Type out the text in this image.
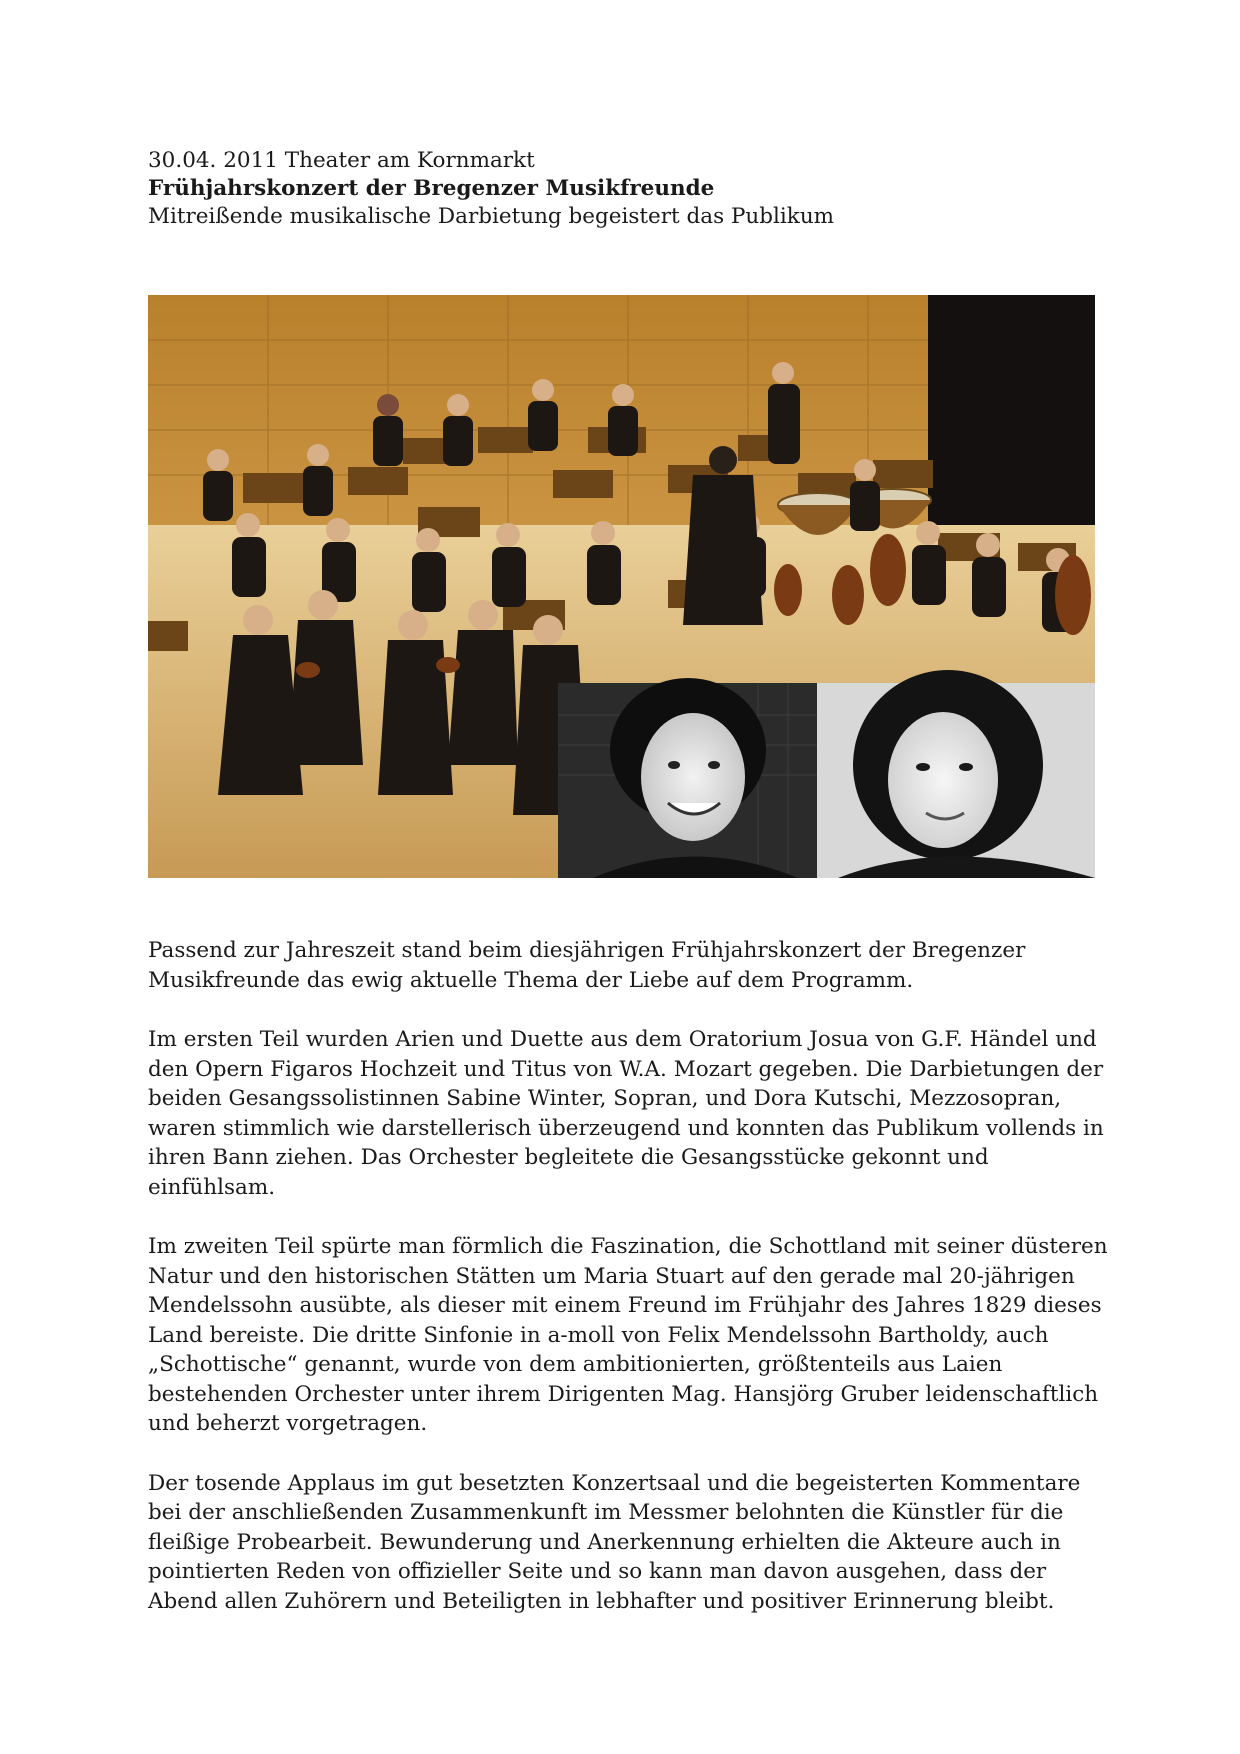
30.04. 2011 Theater am Kornmarkt

Frühjahrskonzert der Bregenzer Musikfreunde

Mitreißende musikalische Darbietung begeistert das Publikum

Passend zur Jahreszeit stand beim diesjährigen Frühjahrskonzert der Bregenzer Musikfreunde das ewig aktuelle Thema der Liebe auf dem Programm.

Im ersten Teil wurden Arien und Duette aus dem Oratorium Josua von G.F. Händel und den Opern Figaros Hochzeit und Titus von W.A. Mozart gegeben. Die Darbietungen der beiden Gesangssolistinnen Sabine Winter, Sopran, und Dora Kutschi, Mezzosopran, waren stimmlich wie darstellerisch überzeugend und konnten das Publikum vollends in ihren Bann ziehen. Das Orchester begleitete die Gesangsstücke gekonnt und einfühlsam.

Im zweiten Teil spürte man förmlich die Faszination, die Schottland mit seiner düsteren Natur und den historischen Stätten um Maria Stuart auf den gerade mal 20-jährigen Mendelssohn ausübte, als dieser mit einem Freund im Frühjahr des Jahres 1829 dieses Land bereiste. Die dritte Sinfonie in a-moll von Felix Mendelssohn Bartholdy, auch „Schottische“ genannt, wurde von dem ambitionierten, größtenteils aus Laien bestehenden Orchester unter ihrem Dirigenten Mag. Hansjörg Gruber leidenschaftlich und beherzt vorgetragen.

Der tosende Applaus im gut besetzten Konzertsaal und die begeisterten Kommentare bei der anschließenden Zusammenkunft im Messmer belohnten die Künstler für die fleißige Probearbeit. Bewunderung und Anerkennung erhielten die Akteure auch in pointierten Reden von offizieller Seite und so kann man davon ausgehen, dass der Abend allen Zuhörern und Beteiligten in lebhafter und positiver Erinnerung bleibt.
